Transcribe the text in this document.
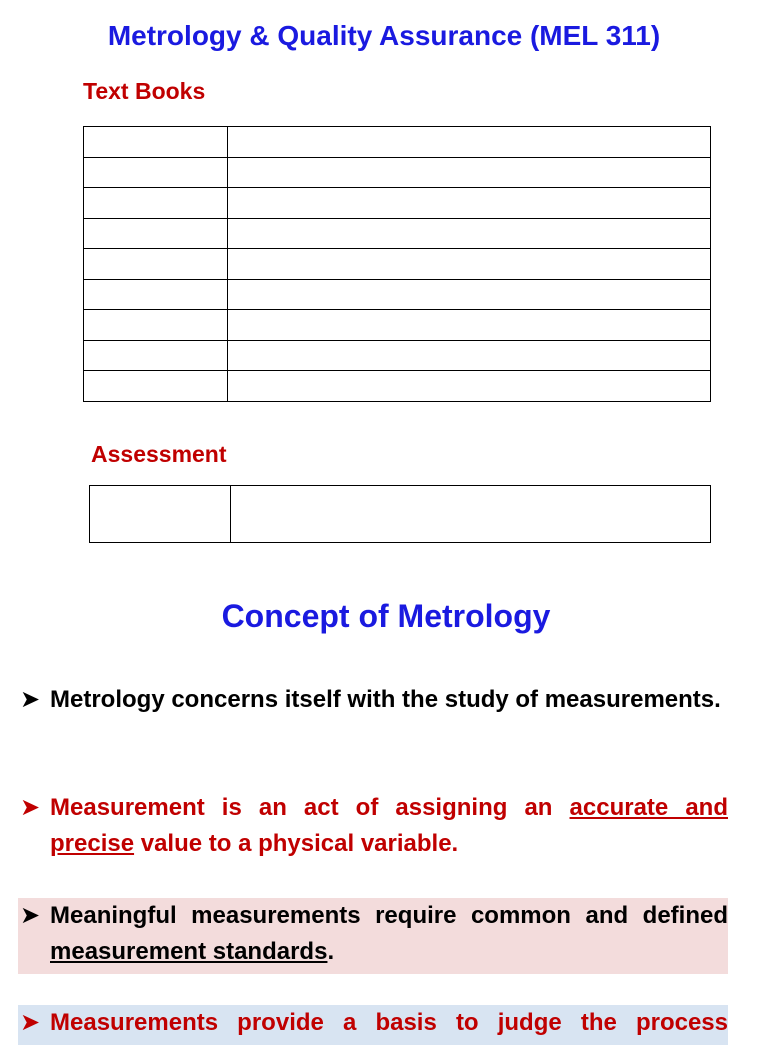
Metrology & Quality Assurance (MEL 311)
Text Books

Assessment

Concept of Metrology
➤ Metrology concerns itself with the study of measurements.
➤ Measurement is an act of assigning an accurate and precise value to a physical variable.
➤ Meaningful measurements require common and defined measurement standards.
➤ Measurements provide a basis to judge the process
